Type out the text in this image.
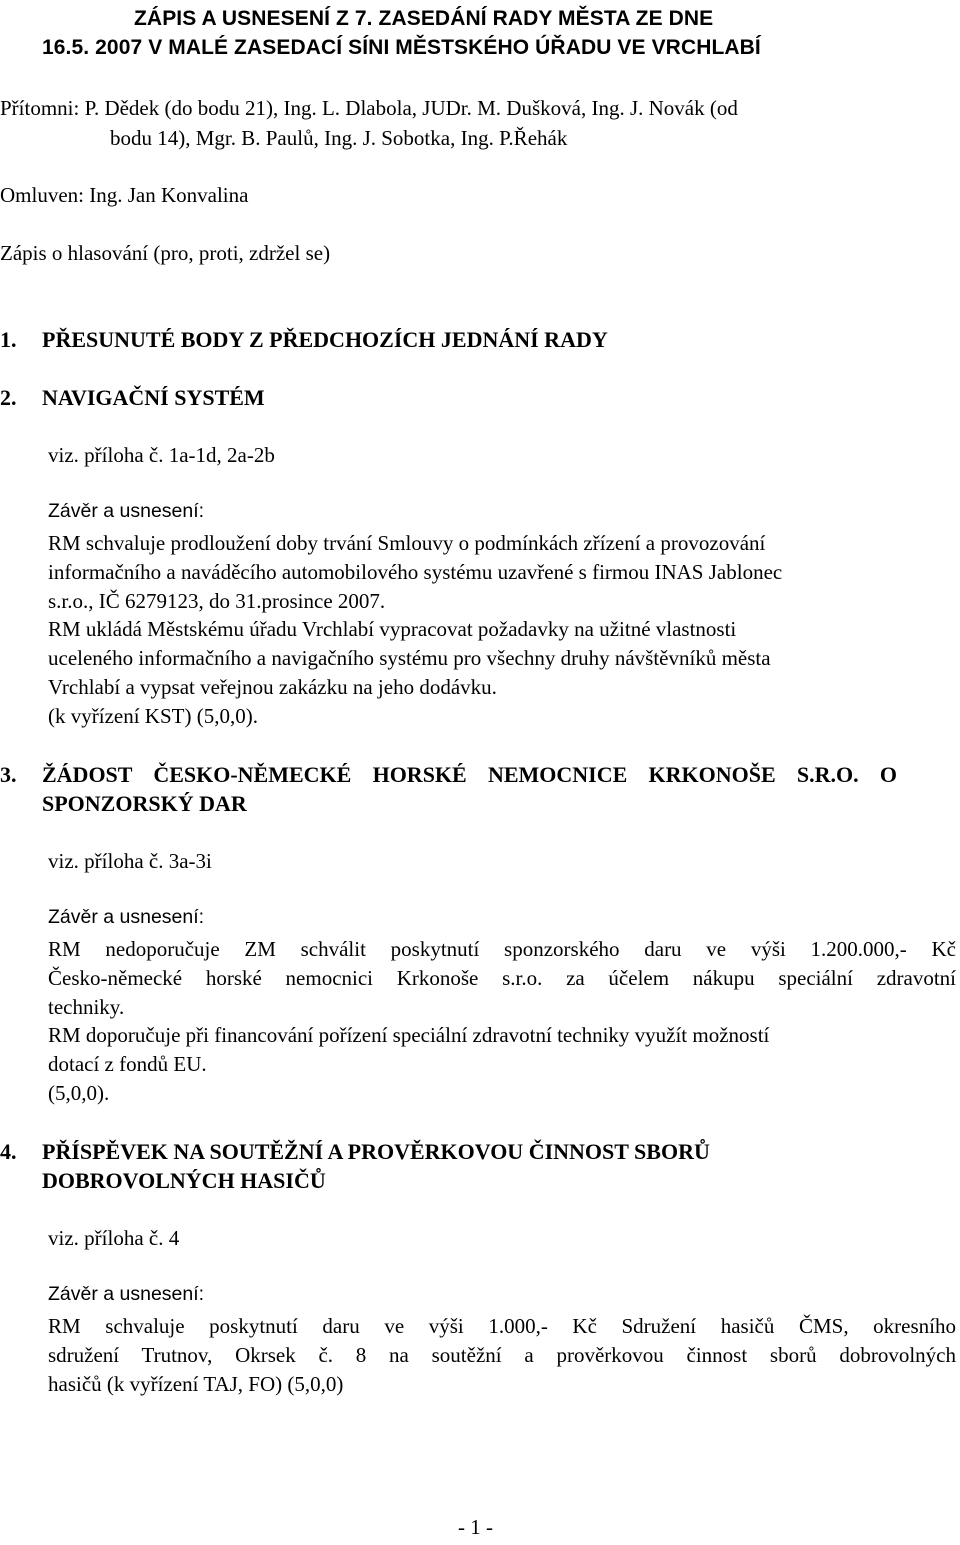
ZÁPIS A USNESENÍ Z 7. ZASEDÁNÍ RADY MĚSTA ZE DNE
16.5. 2007 V MALÉ ZASEDACÍ SÍNI MĚSTSKÉHO ÚŘADU VE VRCHLABÍ
Přítomni: P. Dědek (do bodu 21), Ing. L. Dlabola, JUDr. M. Dušková, Ing. J. Novák (od
bodu 14), Mgr. B. Paulů, Ing. J. Sobotka, Ing. P.Řehák
Omluven: Ing. Jan Konvalina
Zápis o hlasování (pro, proti, zdržel se)
1. PŘESUNUTÉ BODY Z PŘEDCHOZÍCH JEDNÁNÍ RADY
2. NAVIGAČNÍ SYSTÉM
viz. příloha č. 1a-1d, 2a-2b
Závěr a usnesení:
RM schvaluje prodloužení doby trvání Smlouvy o podmínkách zřízení a provozování
informačního a naváděcího automobilového systému uzavřené s firmou INAS Jablonec
s.r.o., IČ 6279123, do 31.prosince 2007.
RM ukládá Městskému úřadu Vrchlabí vypracovat požadavky na užitné vlastnosti
uceleného informačního a navigačního systému pro všechny druhy návštěvníků města
Vrchlabí a vypsat veřejnou zakázku na jeho dodávku.
(k vyřízení KST) (5,0,0).
3. ŽÁDOST ČESKO-NĚMECKÉ HORSKÉ NEMOCNICE KRKONOŠE S.R.O. O
SPONZORSKÝ DAR
viz. příloha č. 3a-3i
Závěr a usnesení:
RM nedoporučuje ZM schválit poskytnutí sponzorského daru ve výši 1.200.000,- Kč
Česko-německé horské nemocnici Krkonoše s.r.o. za účelem nákupu speciální zdravotní
techniky.
RM doporučuje při financování pořízení speciální zdravotní techniky využít možností
dotací z fondů EU.
(5,0,0).
4. PŘÍSPĚVEK NA SOUTĚŽNÍ A PROVĚRKOVOU ČINNOST SBORŮ
DOBROVOLNÝCH HASIČŮ
viz. příloha č. 4
Závěr a usnesení:
RM schvaluje poskytnutí daru ve výši 1.000,- Kč Sdružení hasičů ČMS, okresního
sdružení Trutnov, Okrsek č. 8 na soutěžní a prověrkovou činnost sborů dobrovolných
hasičů (k vyřízení TAJ, FO) (5,0,0)
- 1 -
